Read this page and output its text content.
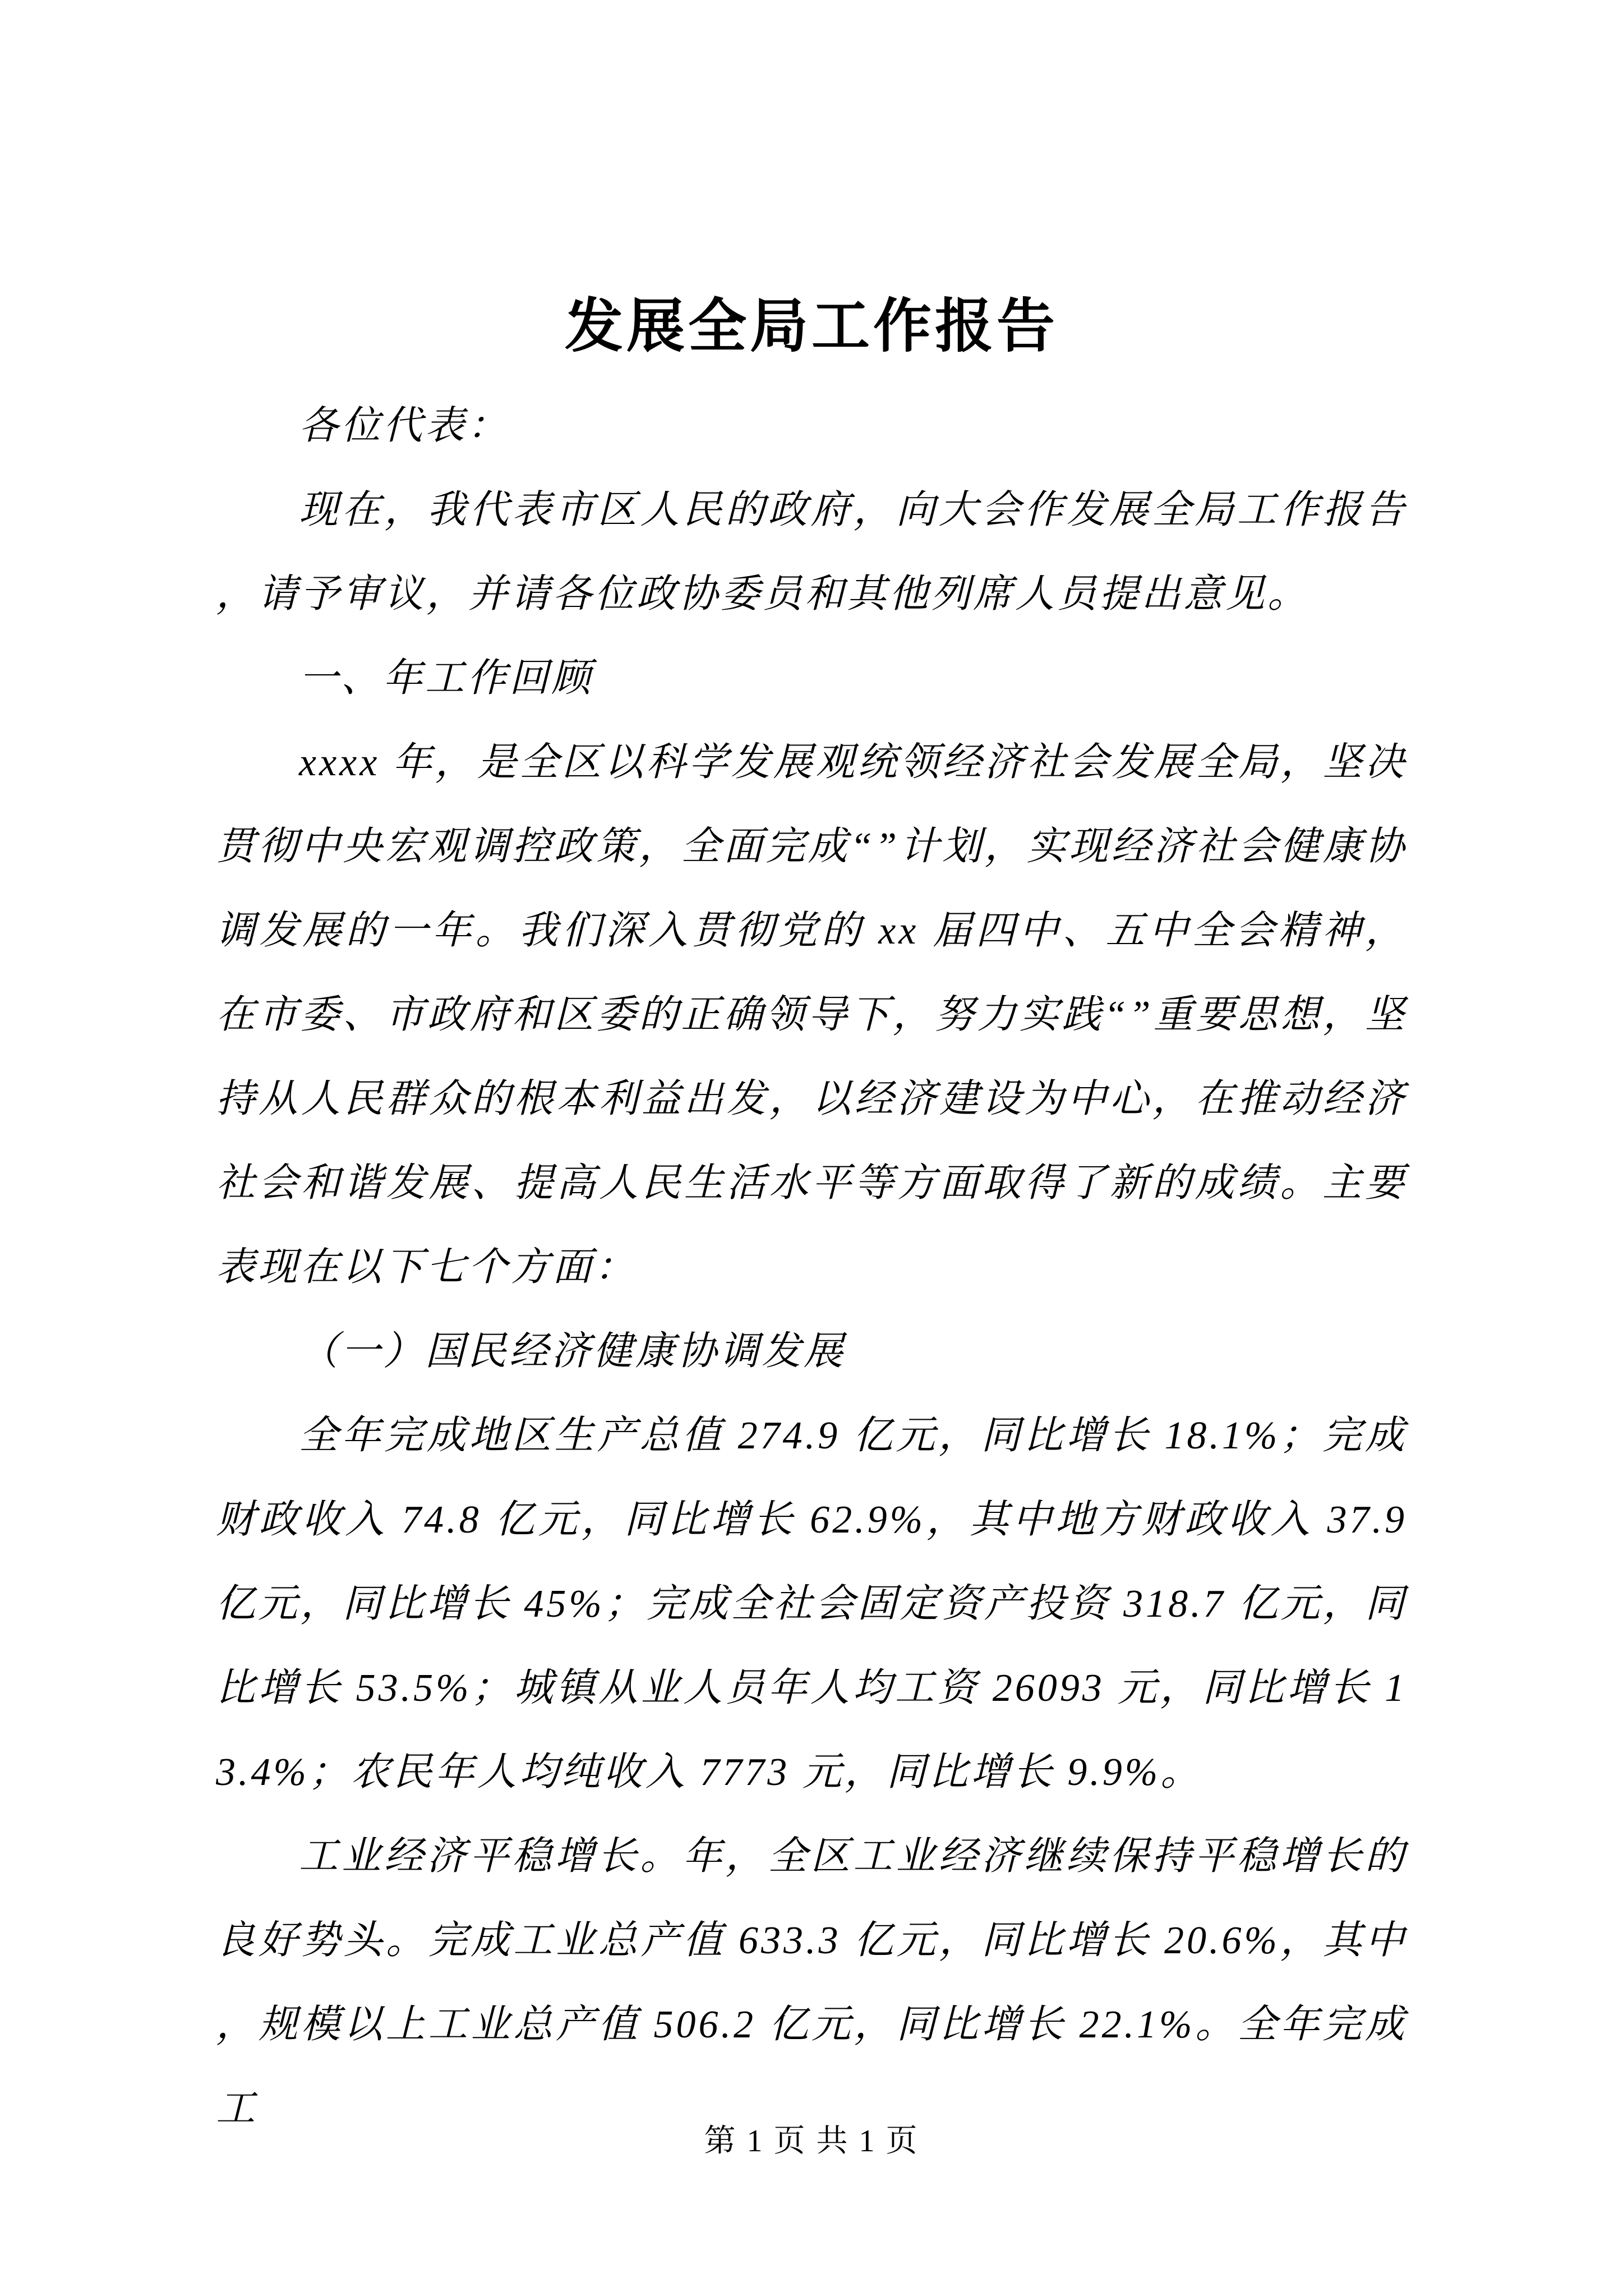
发展全局工作报告

各位代表：

现在，我代表市区人民的政府，向大会作发展全局工作报告，请予审议，并请各位政协委员和其他列席人员提出意见。

一、年工作回顾

xxxx 年，是全区以科学发展观统领经济社会发展全局，坚决贯彻中央宏观调控政策，全面完成“”计划，实现经济社会健康协调发展的一年。我们深入贯彻党的 xx 届四中、五中全会精神，在市委、市政府和区委的正确领导下，努力实践“”重要思想，坚持从人民群众的根本利益出发，以经济建设为中心，在推动经济社会和谐发展、提高人民生活水平等方面取得了新的成绩。主要表现在以下七个方面：

（一）国民经济健康协调发展

全年完成地区生产总值 274.9 亿元，同比增长 18.1%；完成财政收入 74.8 亿元，同比增长 62.9%，其中地方财政收入 37.9 亿元，同比增长 45%；完成全社会固定资产投资 318.7 亿元，同比增长 53.5%；城镇从业人员年人均工资 26093 元，同比增长 13.4%；农民年人均纯收入 7773 元，同比增长 9.9%。

工业经济平稳增长。年，全区工业经济继续保持平稳增长的良好势头。完成工业总产值 633.3 亿元，同比增长 20.6%，其中，规模以上工业总产值 506.2 亿元，同比增长 22.1%。全年完成工

第 1 页 共 1 页
